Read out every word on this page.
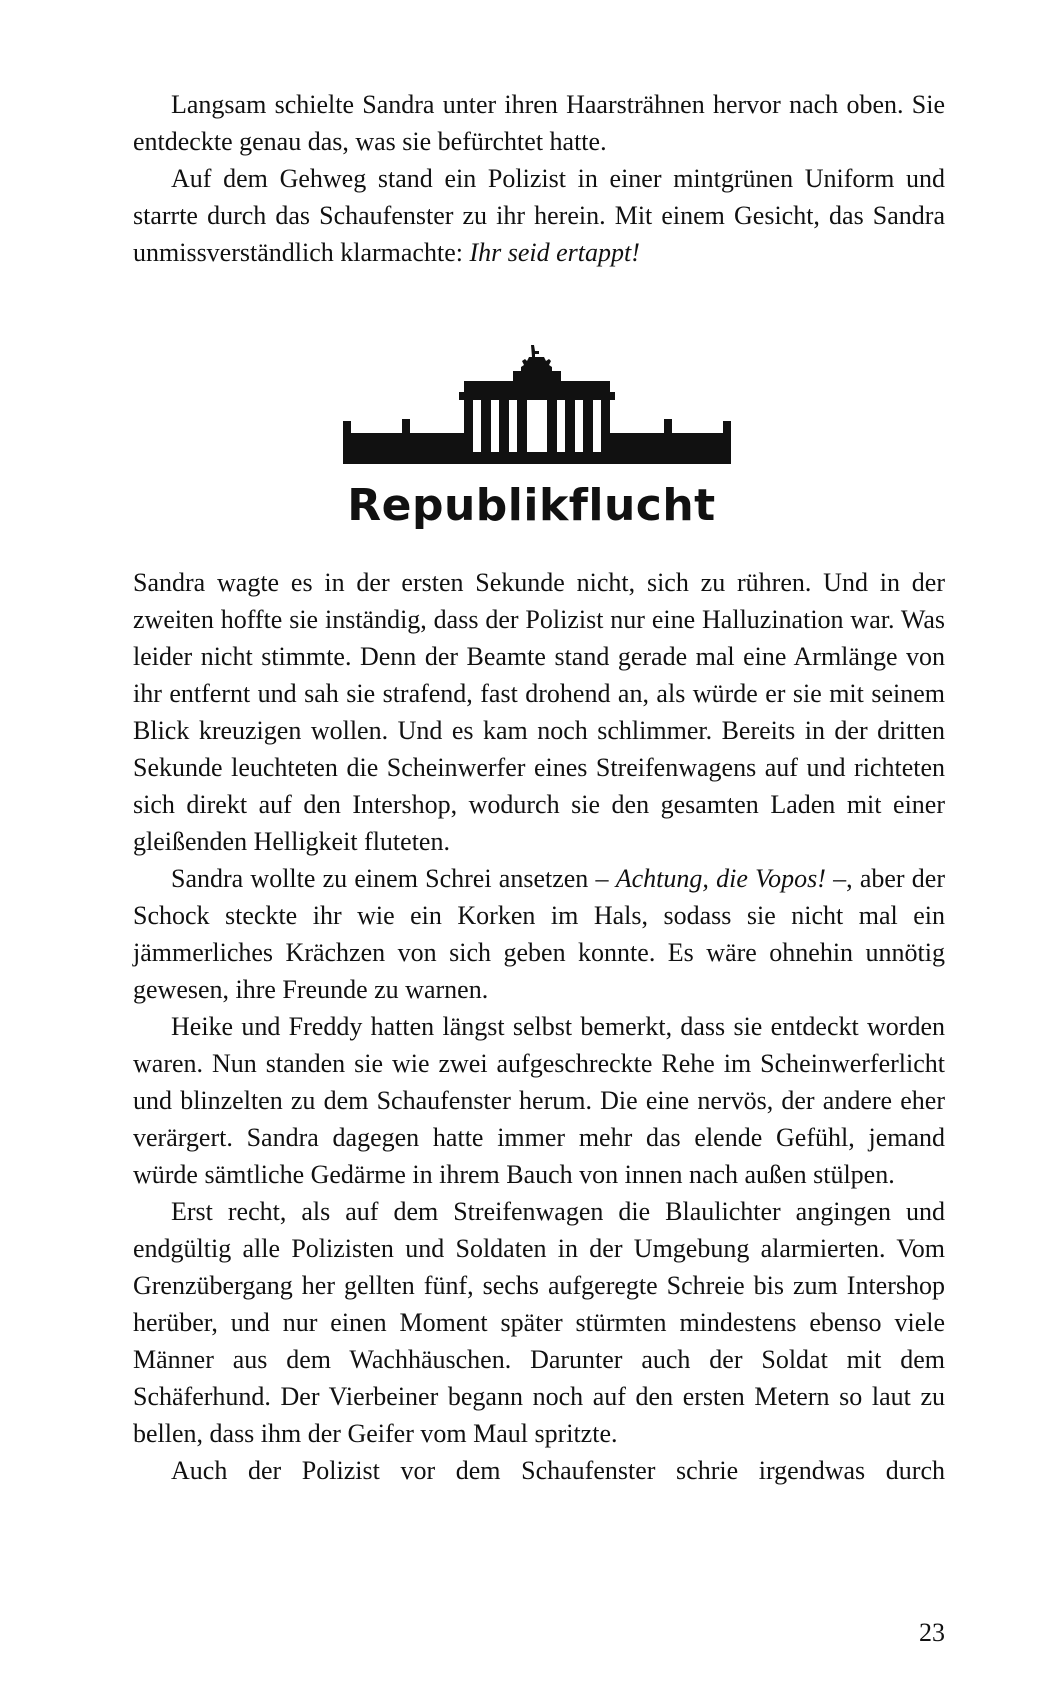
Langsam schielte Sandra unter ihren Haarsträhnen hervor nach oben. Sie entdeckte genau das, was sie befürchtet hatte.

Auf dem Gehweg stand ein Polizist in einer mintgrünen Uniform und starrte durch das Schaufenster zu ihr herein. Mit einem Gesicht, das Sandra unmissverständlich klarmachte: Ihr seid ertappt!

Republikflucht

Sandra wagte es in der ersten Sekunde nicht, sich zu rühren. Und in der zweiten hoffte sie inständig, dass der Polizist nur eine Halluzination war. Was leider nicht stimmte. Denn der Beamte stand gerade mal eine Armlänge von ihr entfernt und sah sie strafend, fast drohend an, als würde er sie mit seinem Blick kreuzigen wollen. Und es kam noch schlimmer. Bereits in der dritten Sekunde leuchteten die Scheinwerfer eines Streifenwagens auf und richteten sich direkt auf den Intershop, wodurch sie den gesamten Laden mit einer gleißenden Helligkeit fluteten.

Sandra wollte zu einem Schrei ansetzen – Achtung, die Vopos! –, aber der Schock steckte ihr wie ein Korken im Hals, sodass sie nicht mal ein jämmerliches Krächzen von sich geben konnte. Es wäre ohnehin unnötig gewesen, ihre Freunde zu warnen.

Heike und Freddy hatten längst selbst bemerkt, dass sie entdeckt worden waren. Nun standen sie wie zwei aufgeschreckte Rehe im Scheinwerferlicht und blinzelten zu dem Schaufenster herum. Die eine nervös, der andere eher verärgert. Sandra dagegen hatte immer mehr das elende Gefühl, jemand würde sämtliche Gedärme in ihrem Bauch von innen nach außen stülpen.

Erst recht, als auf dem Streifenwagen die Blaulichter angingen und endgültig alle Polizisten und Soldaten in der Umgebung alarmierten. Vom Grenzübergang her gellten fünf, sechs aufgeregte Schreie bis zum Intershop herüber, und nur einen Moment später stürmten mindestens ebenso viele Männer aus dem Wachhäuschen. Darunter auch der Soldat mit dem Schäferhund. Der Vierbeiner begann noch auf den ersten Metern so laut zu bellen, dass ihm der Geifer vom Maul spritzte.

Auch der Polizist vor dem Schaufenster schrie irgendwas durch

23
